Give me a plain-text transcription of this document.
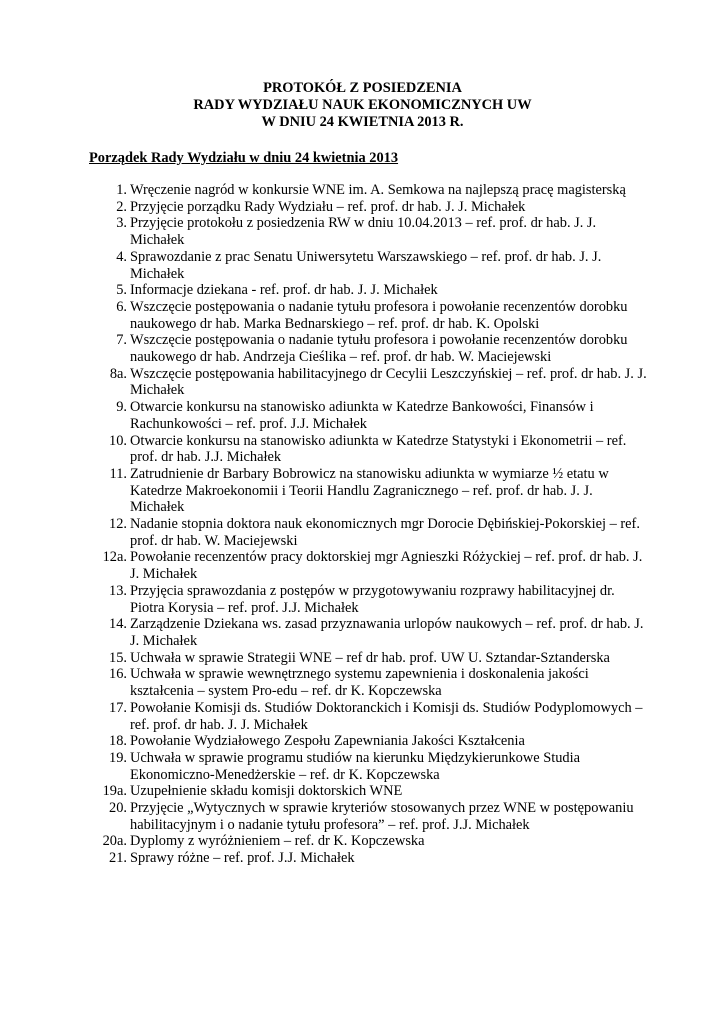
PROTOKÓŁ Z POSIEDZENIA
RADY WYDZIAŁU NAUK EKONOMICZNYCH UW
W DNIU 24 KWIETNIA 2013 R.
Porządek Rady Wydziału w dniu 24 kwietnia 2013
1. Wręczenie nagród w konkursie WNE im. A. Semkowa na najlepszą pracę magisterską
2. Przyjęcie porządku Rady Wydziału – ref. prof. dr hab. J. J. Michałek
3. Przyjęcie protokołu z posiedzenia RW w dniu 10.04.2013 – ref. prof. dr hab. J. J. Michałek
4. Sprawozdanie z prac Senatu Uniwersytetu Warszawskiego – ref. prof. dr hab. J. J. Michałek
5. Informacje dziekana - ref. prof. dr hab. J. J. Michałek
6. Wszczęcie postępowania o nadanie tytułu profesora i powołanie recenzentów dorobku naukowego dr hab. Marka Bednarskiego – ref. prof. dr hab. K. Opolski
7. Wszczęcie postępowania o nadanie tytułu profesora i powołanie recenzentów dorobku naukowego dr hab. Andrzeja Cieślika – ref. prof. dr hab. W. Maciejewski
8a. Wszczęcie postępowania habilitacyjnego dr Cecylii Leszczyńskiej – ref. prof. dr hab. J. J. Michałek
9. Otwarcie konkursu na stanowisko adiunkta w Katedrze Bankowości, Finansów i Rachunkowości – ref. prof. J.J. Michałek
10. Otwarcie konkursu na stanowisko adiunkta w Katedrze Statystyki i Ekonometrii – ref. prof. dr hab. J.J. Michałek
11. Zatrudnienie dr Barbary Bobrowicz na stanowisku adiunkta w wymiarze ½ etatu w Katedrze Makroekonomii i Teorii Handlu Zagranicznego – ref. prof. dr hab. J. J. Michałek
12. Nadanie stopnia doktora nauk ekonomicznych mgr Dorocie Dębińskiej-Pokorskiej – ref. prof. dr hab. W. Maciejewski
12a. Powołanie recenzentów pracy doktorskiej mgr Agnieszki Różyckiej – ref. prof. dr hab. J. J. Michałek
13. Przyjęcia sprawozdania z postępów w przygotowywaniu rozprawy habilitacyjnej dr. Piotra Korysia – ref. prof. J.J. Michałek
14. Zarządzenie Dziekana ws. zasad przyznawania urlopów naukowych – ref. prof. dr hab. J. J. Michałek
15. Uchwała w sprawie Strategii WNE – ref dr hab. prof. UW U. Sztandar-Sztanderska
16. Uchwała w sprawie wewnętrznego systemu zapewnienia i doskonalenia jakości kształcenia – system Pro-edu – ref. dr K. Kopczewska
17. Powołanie Komisji ds. Studiów Doktoranckich i Komisji ds. Studiów Podyplomowych – ref. prof. dr hab. J. J. Michałek
18. Powołanie Wydziałowego Zespołu Zapewniania Jakości Kształcenia
19. Uchwała w sprawie programu studiów na kierunku Międzykierunkowe Studia Ekonomiczno-Menedżerskie – ref. dr K. Kopczewska
19a. Uzupełnienie składu komisji doktorskich WNE
20. Przyjęcie „Wytycznych w sprawie kryteriów stosowanych przez WNE w postępowaniu habilitacyjnym i o nadanie tytułu profesora” – ref. prof. J.J. Michałek
20a. Dyplomy z wyróżnieniem – ref. dr K. Kopczewska
21. Sprawy różne – ref. prof. J.J. Michałek
